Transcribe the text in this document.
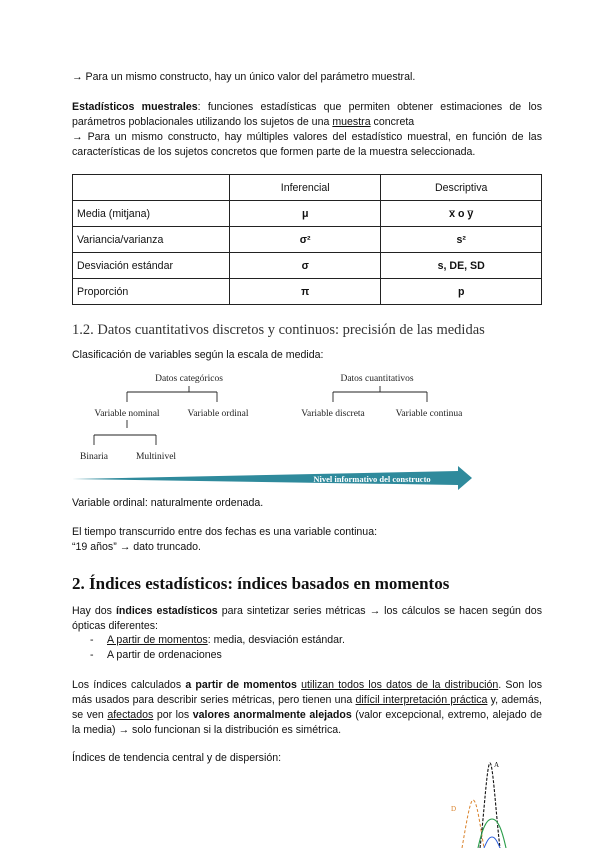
→ Para un mismo constructo, hay un único valor del parámetro muestral.
Estadísticos muestrales: funciones estadísticas que permiten obtener estimaciones de los parámetros poblacionales utilizando los sujetos de una muestra concreta
→ Para un mismo constructo, hay múltiples valores del estadístico muestral, en función de las características de los sujetos concretos que formen parte de la muestra seleccionada.
	Inferencial	Descriptiva
Media (mitjana)	μ	x̅ o y̅
Variancia/varianza	σ²	s²
Desviación estándar	σ	s, DE, SD
Proporción	π	p
1.2. Datos cuantitativos discretos y continuos: precisión de las medidas
Clasificación de variables según la escala de medida:
Datos categóricos	Datos cuantitativos
Variable nominal	Variable ordinal	Variable discreta	Variable continua
Binaria	Multinivel
Nivel informativo del constructo
Variable ordinal: naturalmente ordenada.
El tiempo transcurrido entre dos fechas es una variable continua:
“19 años” → dato truncado.
2. Índices estadísticos: índices basados en momentos
Hay dos índices estadísticos para sintetizar series métricas → los cálculos se hacen según dos ópticas diferentes:
- A partir de momentos: media, desviación estándar.
- A partir de ordenaciones
Los índices calculados a partir de momentos utilizan todos los datos de la distribución. Son los más usados para describir series métricas, pero tienen una difícil interpretación práctica y, además, se ven afectados por los valores anormalmente alejados (valor excepcional, extremo, alejado de la media) → solo funcionan si la distribución es simétrica.
Índices de tendencia central y de dispersión:
A
D
